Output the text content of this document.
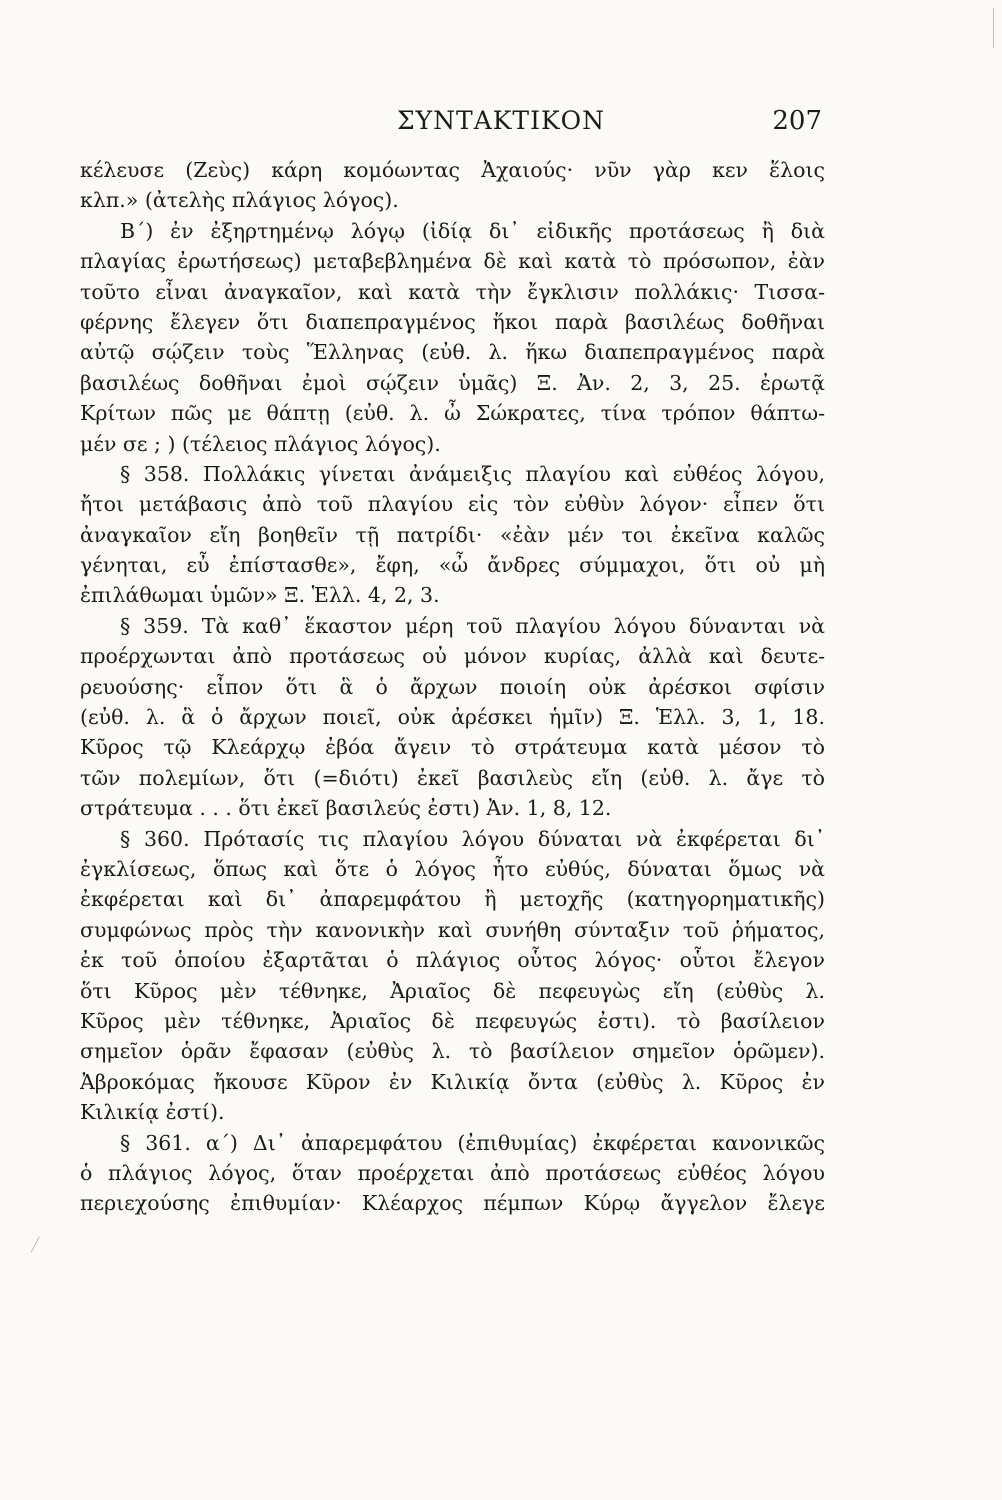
ΣΥΝΤΑΚΤΙΚΟΝ	207
κέλευσε (Ζεὺς) κάρη κομόωντας Ἀχαιούς· νῦν γὰρ κεν ἕλοις
κλπ.» (ἀτελὴς πλάγιος λόγος).
Β΄) ἐν ἐξηρτημένῳ λόγῳ (ἰδίᾳ δι᾽ εἰδικῆς προτάσεως ἢ διὰ
πλαγίας ἐρωτήσεως) μεταβεβλημένα δὲ καὶ κατὰ τὸ πρόσωπον, ἐὰν
τοῦτο εἶναι ἀναγκαῖον, καὶ κατὰ τὴν ἔγκλισιν πολλάκις· Τισσα-
φέρνης ἔλεγεν ὅτι διαπεπραγμένος ἥκοι παρὰ βασιλέως δοθῆναι
αὐτῷ σῴζειν τοὺς Ἕλληνας (εὐθ. λ. ἥκω διαπεπραγμένος παρὰ
βασιλέως δοθῆναι ἐμοὶ σῴζειν ὑμᾶς) Ξ. Ἀν. 2, 3, 25. ἐρωτᾷ
Κρίτων πῶς με θάπτῃ (εὐθ. λ. ὦ Σώκρατες, τίνα τρόπον θάπτω-
μέν σε ; ) (τέλειος πλάγιος λόγος).
§ 358. Πολλάκις γίνεται ἀνάμειξις πλαγίου καὶ εὐθέος λόγου,
ἤτοι μετάβασις ἀπὸ τοῦ πλαγίου εἰς τὸν εὐθὺν λόγον· εἶπεν ὅτι
ἀναγκαῖον εἴη βοηθεῖν τῇ πατρίδι· «ἐὰν μέν τοι ἐκεῖνα καλῶς
γένηται, εὖ ἐπίστασθε», ἔφη, «ὦ ἄνδρες σύμμαχοι, ὅτι οὐ μὴ
ἐπιλάθωμαι ὑμῶν» Ξ. Ἑλλ. 4, 2, 3.
§ 359. Τὰ καθ᾽ ἕκαστον μέρη τοῦ πλαγίου λόγου δύνανται νὰ
προέρχωνται ἀπὸ προτάσεως οὐ μόνον κυρίας, ἀλλὰ καὶ δευτε-
ρευούσης· εἶπον ὅτι ἃ ὁ ἄρχων ποιοίη οὐκ ἀρέσκοι σφίσιν
(εὐθ. λ. ἃ ὁ ἄρχων ποιεῖ, οὐκ ἀρέσκει ἡμῖν) Ξ. Ἑλλ. 3, 1, 18.
Κῦρος τῷ Κλεάρχῳ ἐβόα ἄγειν τὸ στράτευμα κατὰ μέσον τὸ
τῶν πολεμίων, ὅτι (=διότι) ἐκεῖ βασιλεὺς εἴη (εὐθ. λ. ἄγε τὸ
στράτευμα . . . ὅτι ἐκεῖ βασιλεύς ἐστι) Ἀν. 1, 8, 12.
§ 360. Πρότασίς τις πλαγίου λόγου δύναται νὰ ἐκφέρεται δι᾽
ἐγκλίσεως, ὅπως καὶ ὅτε ὁ λόγος ἦτο εὐθύς, δύναται ὅμως νὰ
ἐκφέρεται καὶ δι᾽ ἀπαρεμφάτου ἢ μετοχῆς (κατηγορηματικῆς)
συμφώνως πρὸς τὴν κανονικὴν καὶ συνήθη σύνταξιν τοῦ ῥήματος,
ἐκ τοῦ ὁποίου ἐξαρτᾶται ὁ πλάγιος οὗτος λόγος· οὗτοι ἔλεγον
ὅτι Κῦρος μὲν τέθνηκε, Ἀριαῖος δὲ πεφευγὼς εἴη (εὐθὺς λ.
Κῦρος μὲν τέθνηκε, Ἀριαῖος δὲ πεφευγώς ἐστι). τὸ βασίλειον
σημεῖον ὁρᾶν ἔφασαν (εὐθὺς λ. τὸ βασίλειον σημεῖον ὁρῶμεν).
Ἀβροκόμας ἤκουσε Κῦρον ἐν Κιλικίᾳ ὄντα (εὐθὺς λ. Κῦρος ἐν
Κιλικίᾳ ἐστί).
§ 361. α΄) Δι᾽ ἀπαρεμφάτου (ἐπιθυμίας) ἐκφέρεται κανονικῶς
ὁ πλάγιος λόγος, ὅταν προέρχεται ἀπὸ προτάσεως εὐθέος λόγου
περιεχούσης ἐπιθυμίαν· Κλέαρχος πέμπων Κύρῳ ἄγγελον ἔλεγε
